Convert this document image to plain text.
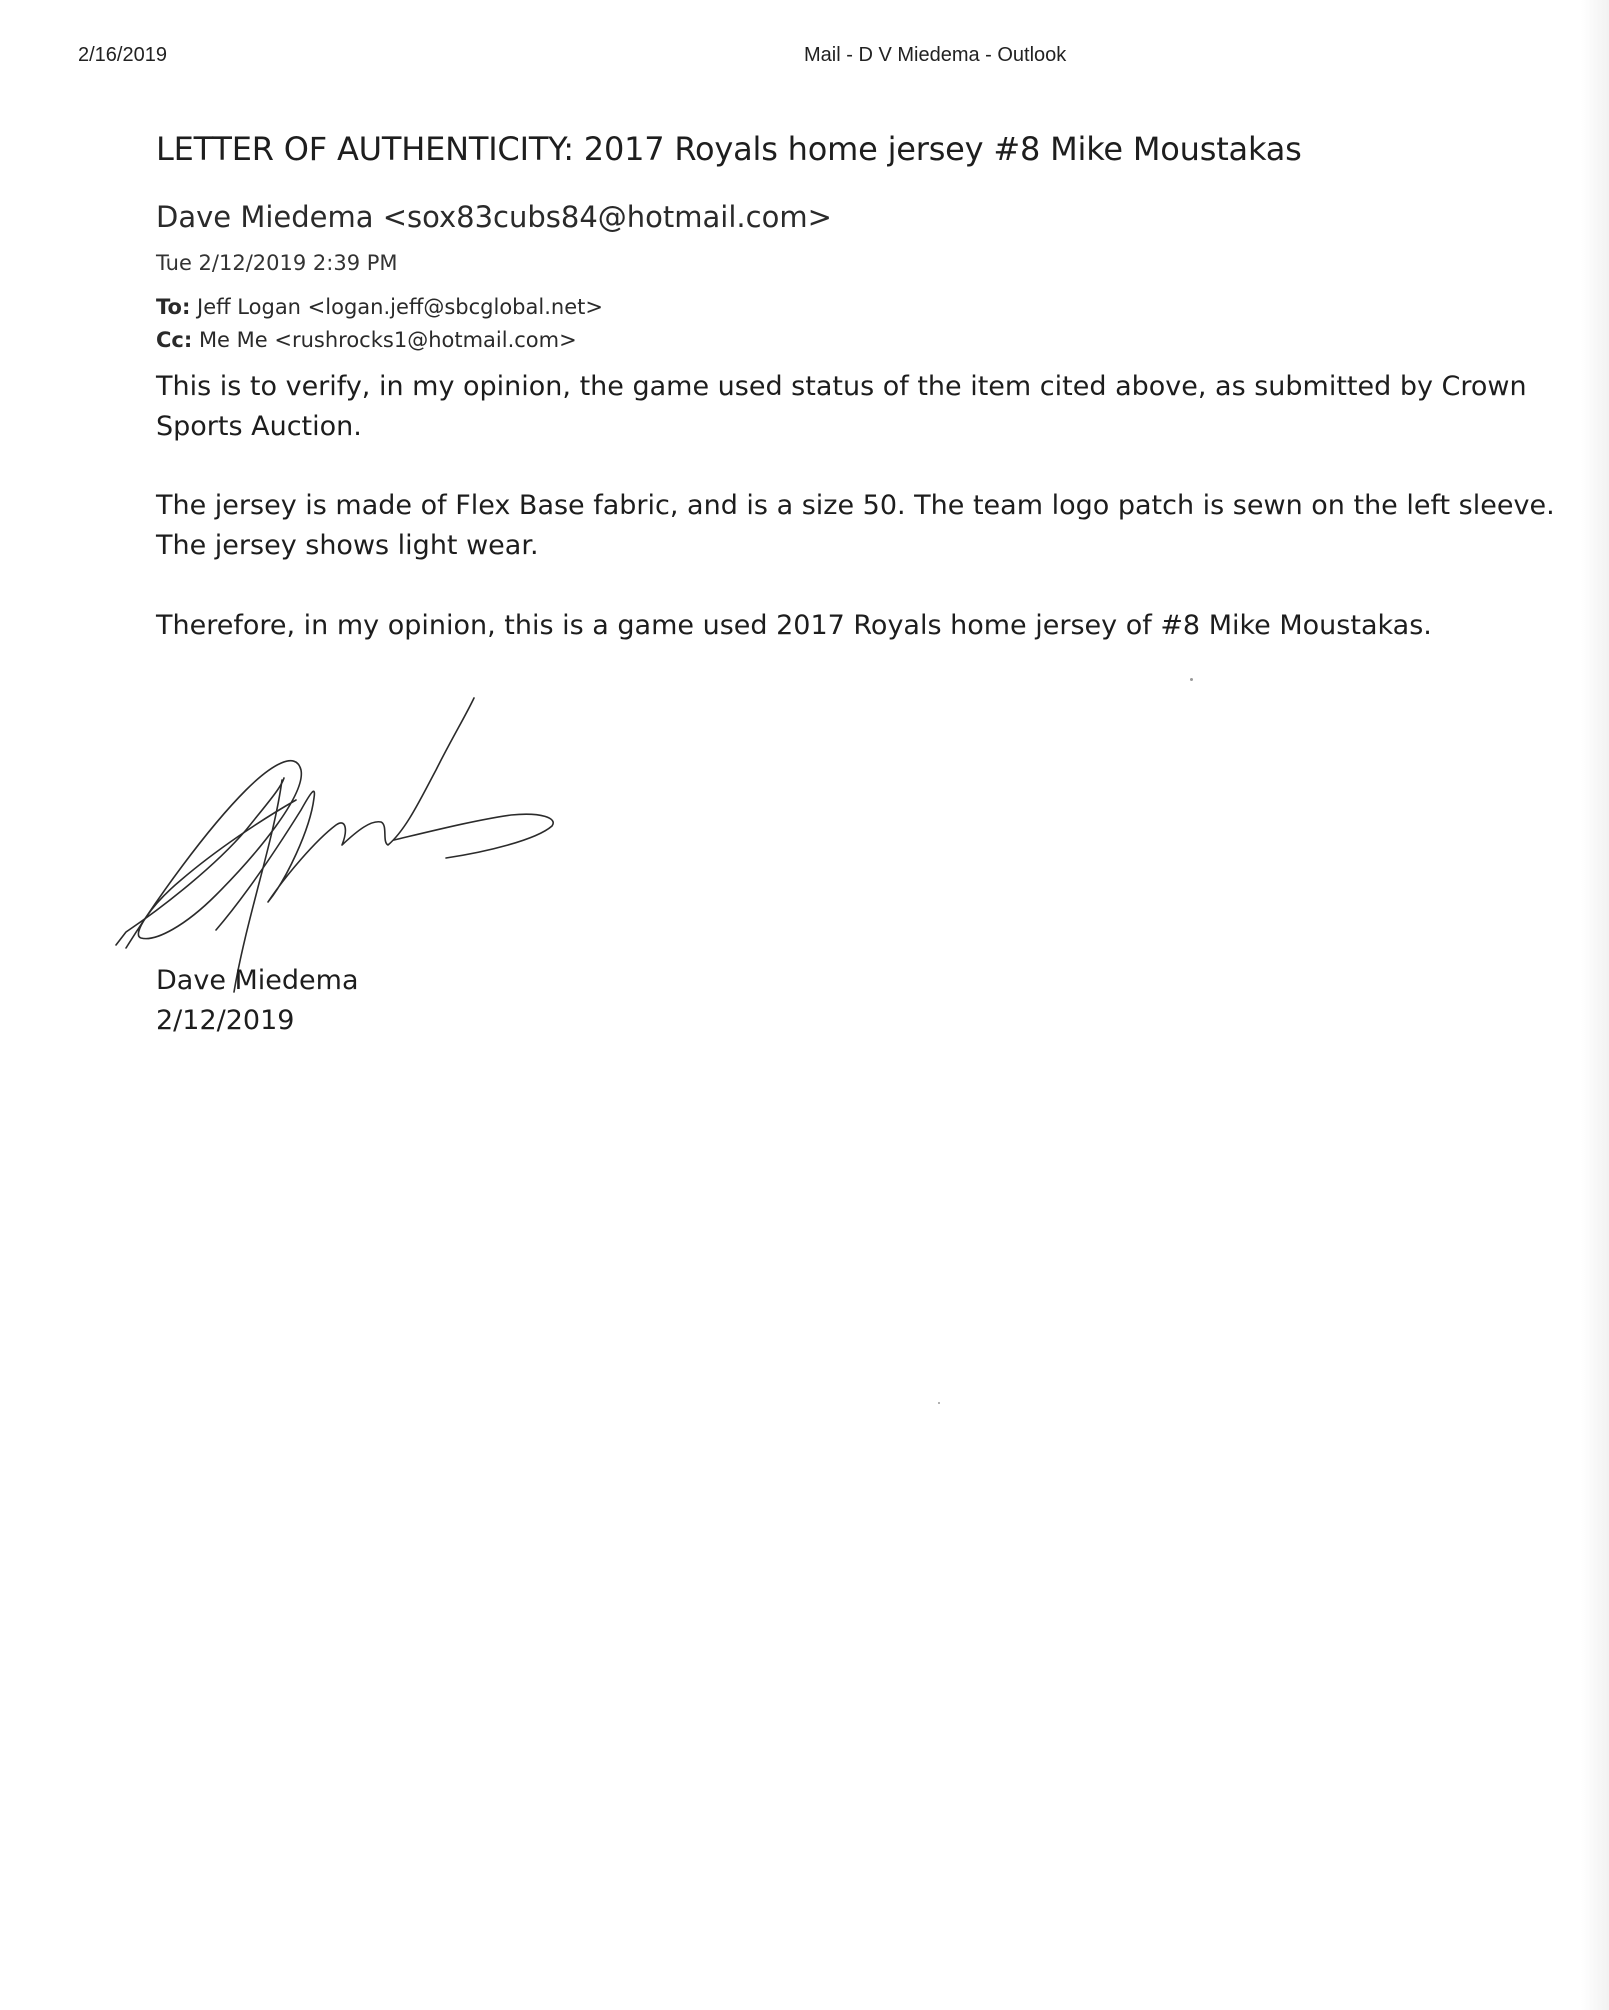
2/16/2019	Mail - D V Miedema - Outlook
LETTER OF AUTHENTICITY: 2017 Royals home jersey #8 Mike Moustakas
Dave Miedema <sox83cubs84@hotmail.com>
Tue 2/12/2019 2:39 PM
To: Jeff Logan <logan.jeff@sbcglobal.net>
Cc: Me Me <rushrocks1@hotmail.com>
This is to verify, in my opinion, the game used status of the item cited above, as submitted by Crown Sports Auction.
The jersey is made of Flex Base fabric, and is a size 50. The team logo patch is sewn on the left sleeve. The jersey shows light wear.
Therefore, in my opinion, this is a game used 2017 Royals home jersey of #8 Mike Moustakas.
Dave Miedema
2/12/2019
